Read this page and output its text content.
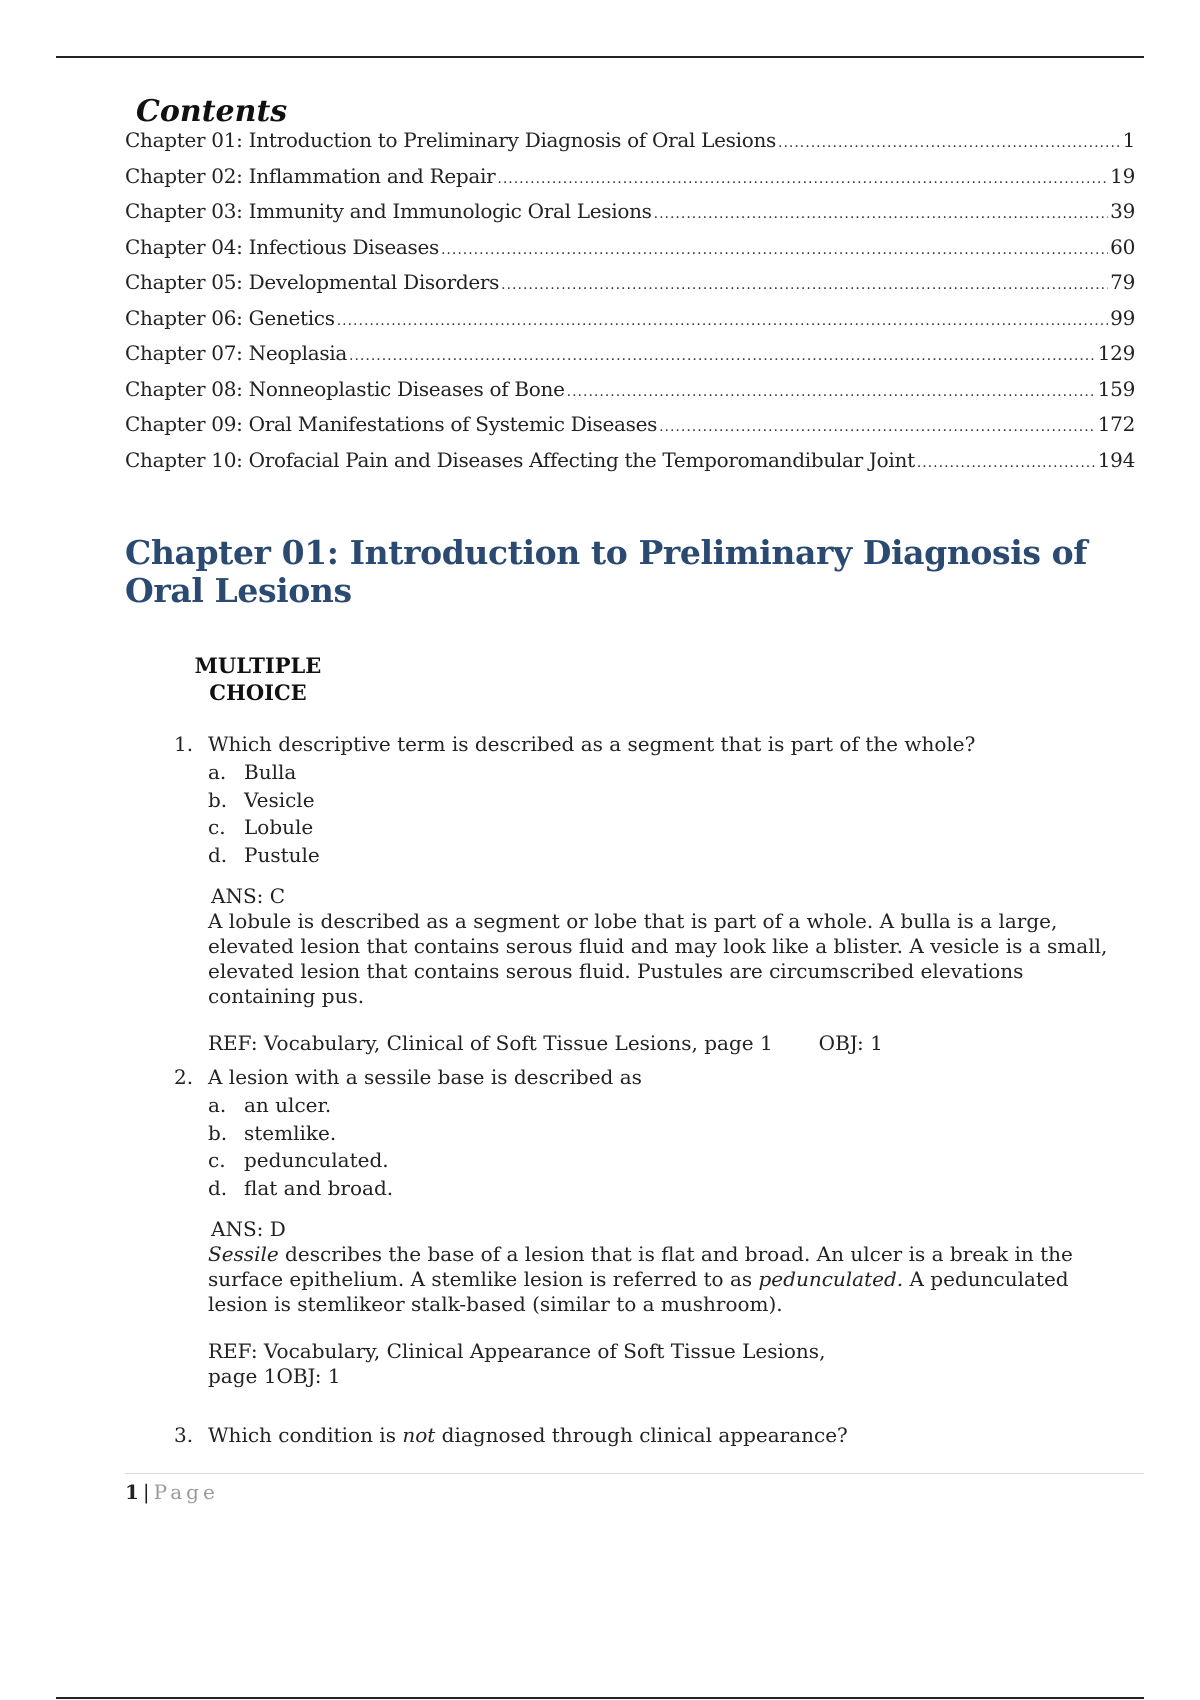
Contents
Chapter 01: Introduction to Preliminary Diagnosis of Oral Lesions .....	1
Chapter 02: Inflammation and Repair .....	19
Chapter 03: Immunity and Immunologic Oral Lesions .....	39
Chapter 04: Infectious Diseases .....	60
Chapter 05: Developmental Disorders .....	79
Chapter 06: Genetics .....	99
Chapter 07: Neoplasia .....	129
Chapter 08: Nonneoplastic Diseases of Bone .....	159
Chapter 09: Oral Manifestations of Systemic Diseases .....	172
Chapter 10: Orofacial Pain and Diseases Affecting the Temporomandibular Joint .....	194
Chapter 01: Introduction to Preliminary Diagnosis of Oral Lesions
MULTIPLE
CHOICE
1. Which descriptive term is described as a segment that is part of the whole?
a. Bulla
b. Vesicle
c. Lobule
d. Pustule
ANS: C
A lobule is described as a segment or lobe that is part of a whole. A bulla is a large, elevated lesion that contains serous fluid and may look like a blister. A vesicle is a small, elevated lesion that contains serous fluid. Pustules are circumscribed elevations containing pus.
REF: Vocabulary, Clinical of Soft Tissue Lesions, page 1 OBJ: 1
2. A lesion with a sessile base is described as
a. an ulcer.
b. stemlike.
c. pedunculated.
d. flat and broad.
ANS: D
Sessile describes the base of a lesion that is flat and broad. An ulcer is a break in the surface epithelium. A stemlike lesion is referred to as pedunculated. A pedunculated lesion is stemlikeor stalk-based (similar to a mushroom).
REF: Vocabulary, Clinical Appearance of Soft Tissue Lesions, page 1OBJ: 1
3. Which condition is not diagnosed through clinical appearance?
1 | Page
